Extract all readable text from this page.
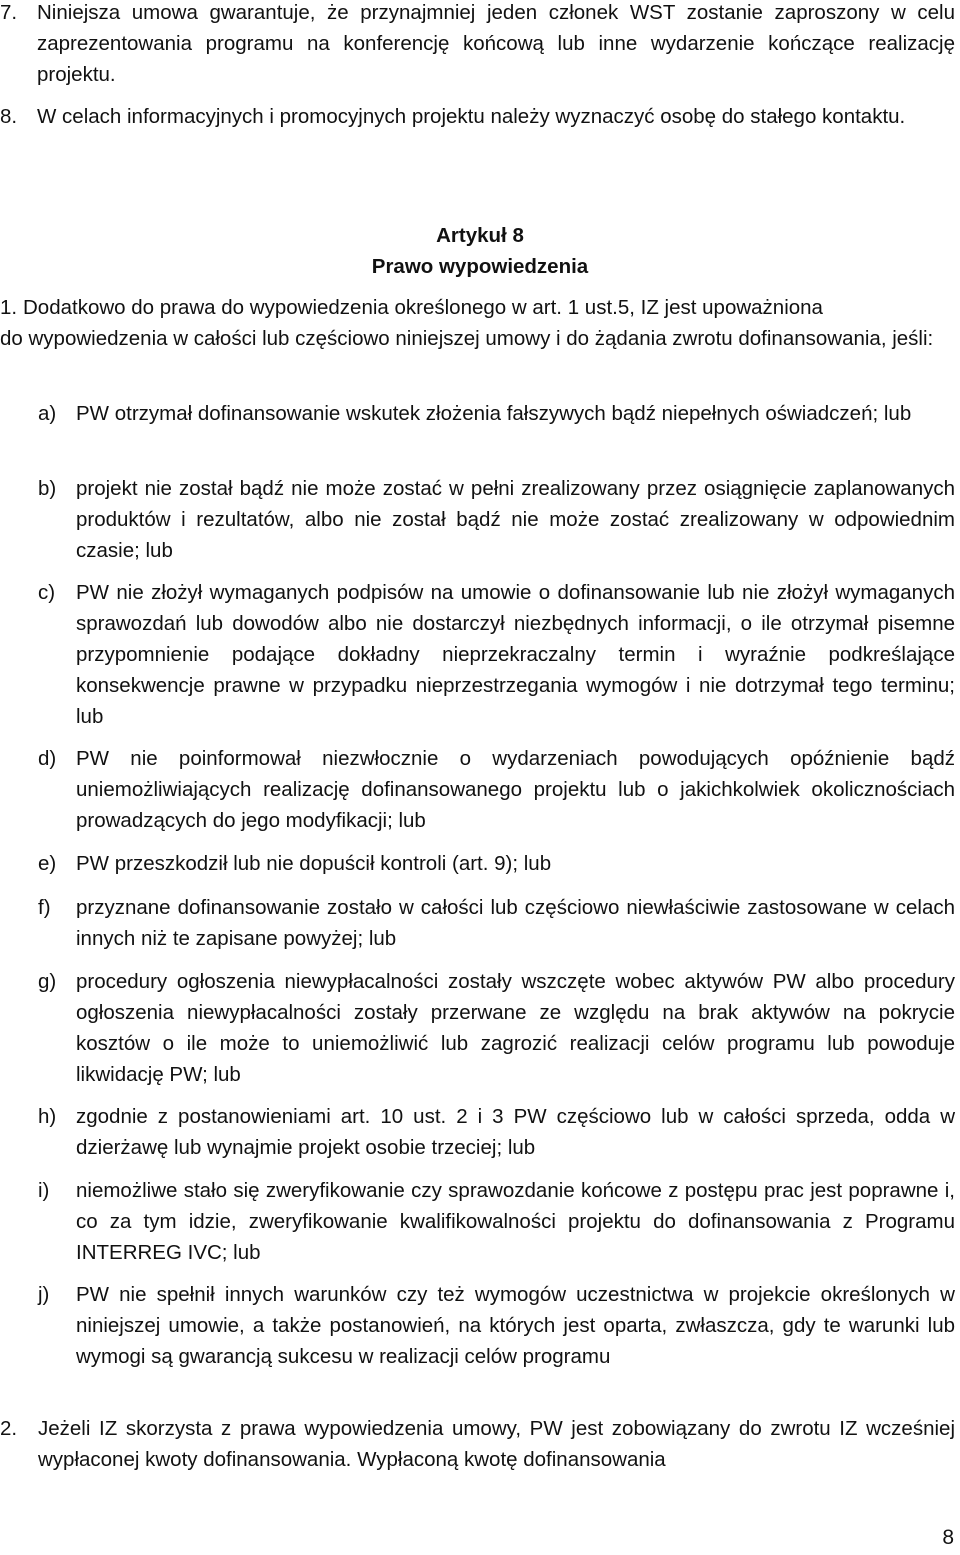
7. Niniejsza umowa gwarantuje, że przynajmniej jeden członek WST zostanie zaproszony w celu zaprezentowania programu na konferencję końcową lub inne wydarzenie kończące realizację projektu.
8. W celach informacyjnych i promocyjnych projektu należy wyznaczyć osobę do stałego kontaktu.
Artykuł 8
Prawo wypowiedzenia
1. Dodatkowo do prawa do wypowiedzenia określonego w art. 1 ust.5, IZ jest upoważniona
do wypowiedzenia w całości lub częściowo niniejszej umowy i do żądania zwrotu dofinansowania, jeśli:
a) PW otrzymał dofinansowanie wskutek złożenia fałszywych bądź niepełnych oświadczeń; lub
b) projekt nie został bądź nie może zostać w pełni zrealizowany przez osiągnięcie zaplanowanych produktów i rezultatów, albo nie został bądź nie może zostać zrealizowany w odpowiednim czasie; lub
c) PW nie złożył wymaganych podpisów na umowie o dofinansowanie lub nie złożył wymaganych sprawozdań lub dowodów albo nie dostarczył niezbędnych informacji, o ile otrzymał pisemne przypomnienie podające dokładny nieprzekraczalny termin i wyraźnie podkreślające konsekwencje prawne w przypadku nieprzestrzegania wymogów i nie dotrzymał tego terminu; lub
d) PW nie poinformował niezwłocznie o wydarzeniach powodujących opóźnienie bądź uniemożliwiających realizację dofinansowanego projektu lub o jakichkolwiek okolicznościach prowadzących do jego modyfikacji; lub
e) PW przeszkodził lub nie dopuścił kontroli (art. 9); lub
f) przyznane dofinansowanie zostało w całości lub częściowo niewłaściwie zastosowane w celach innych niż te zapisane powyżej; lub
g) procedury ogłoszenia niewypłacalności zostały wszczęte wobec aktywów PW albo procedury ogłoszenia niewypłacalności zostały przerwane ze względu na brak aktywów na pokrycie kosztów o ile może to uniemożliwić lub zagrozić realizacji celów programu lub powoduje likwidację PW; lub
h) zgodnie z postanowieniami art. 10 ust. 2 i 3 PW częściowo lub w całości sprzeda, odda w dzierżawę lub wynajmie projekt osobie trzeciej; lub
i) niemożliwe stało się zweryfikowanie czy sprawozdanie końcowe z postępu prac jest poprawne i, co za tym idzie, zweryfikowanie kwalifikowalności projektu do dofinansowania z Programu INTERREG IVC; lub
j) PW nie spełnił innych warunków czy też wymogów uczestnictwa w projekcie określonych w niniejszej umowie, a także postanowień, na których jest oparta, zwłaszcza, gdy te warunki lub wymogi są gwarancją sukcesu w realizacji celów programu
2. Jeżeli IZ skorzysta z prawa wypowiedzenia umowy, PW jest zobowiązany do zwrotu IZ wcześniej wypłaconej kwoty dofinansowania. Wypłaconą kwotę dofinansowania
8
